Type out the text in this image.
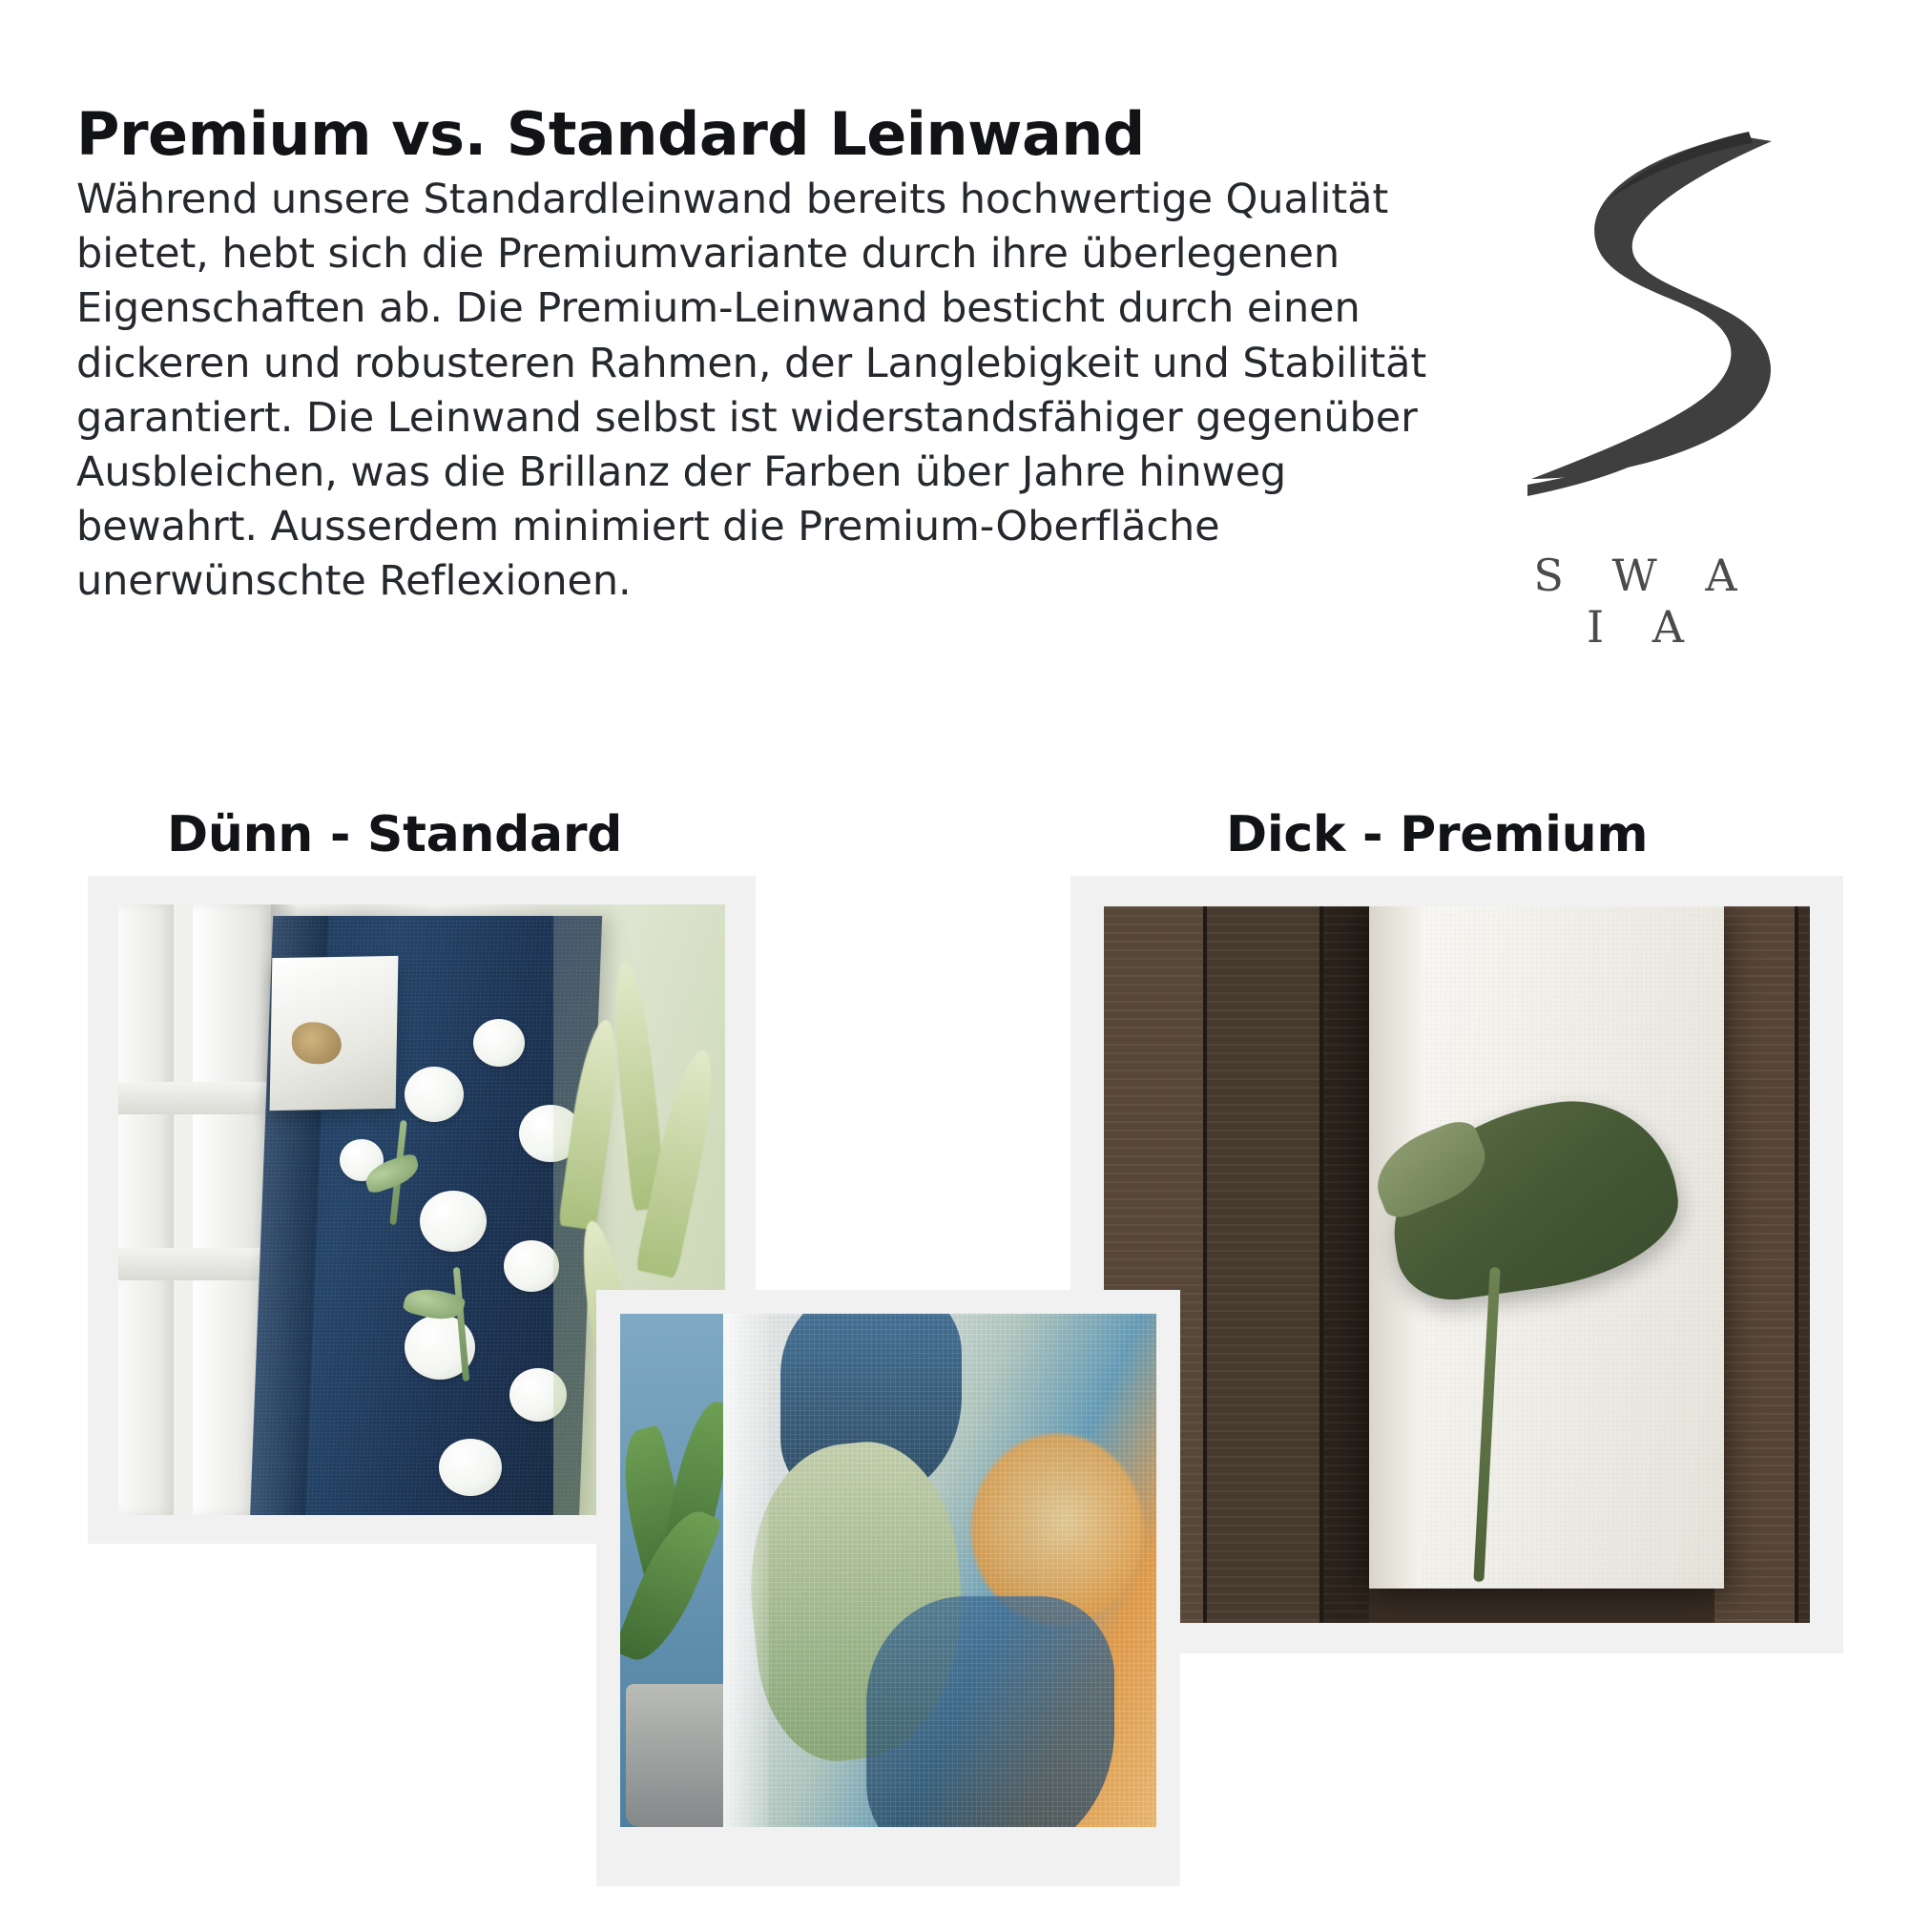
Premium vs. Standard Leinwand

Während unsere Standardleinwand bereits hochwertige Qualität bietet, hebt sich die Premiumvariante durch ihre überlegenen Eigenschaften ab. Die Premium-Leinwand besticht durch einen dickeren und robusteren Rahmen, der Langlebigkeit und Stabilität garantiert. Die Leinwand selbst ist widerstandsfähiger gegenüber Ausbleichen, was die Brillanz der Farben über Jahre hinweg bewahrt. Ausserdem minimiert die Premium-Oberfläche unerwünschte Reflexionen.	S W A I A
Dünn - Standard	Dick - Premium
